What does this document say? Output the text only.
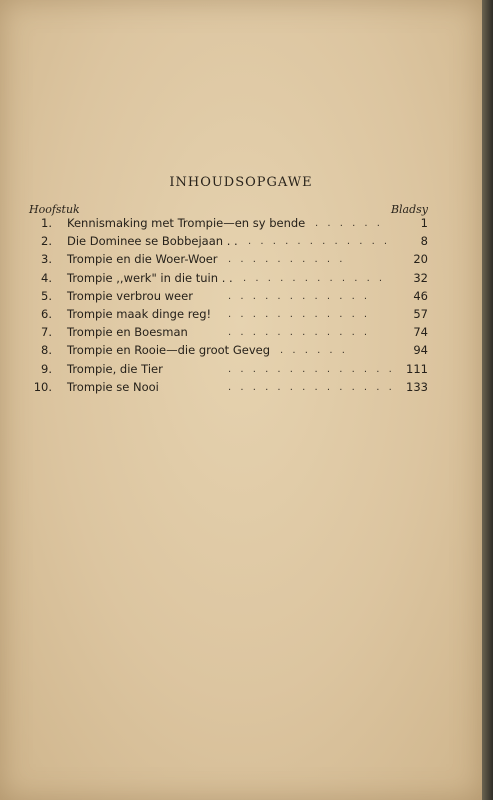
INHOUDSOPGAWE
Hoofstuk	Bladsy
1. Kennismaking met Trompie—en sy bende . . . . . .	1
2. Die Dominee se Bobbejaan . . . . . . . . . . . . . .	8
3. Trompie en die Woer-Woer . . . . . . . . . .	20
4. Trompie ,,werk" in die tuin . . . . . . . . . . . . . .	32
5. Trompie verbrou weer	. . . . . . . . . . . .	46
6. Trompie maak dinge reg! . . . . . . . . . . . .	57
7. Trompie en Boesman	. . . . . . . . . . . .	74
8. Trompie en Rooie—die groot Geveg . . . . . .	94
9. Trompie, die Tier	. . . . . . . . . . . . . . 111
10. Trompie se Nooi	. . . . . . . . . . . . . . 133
